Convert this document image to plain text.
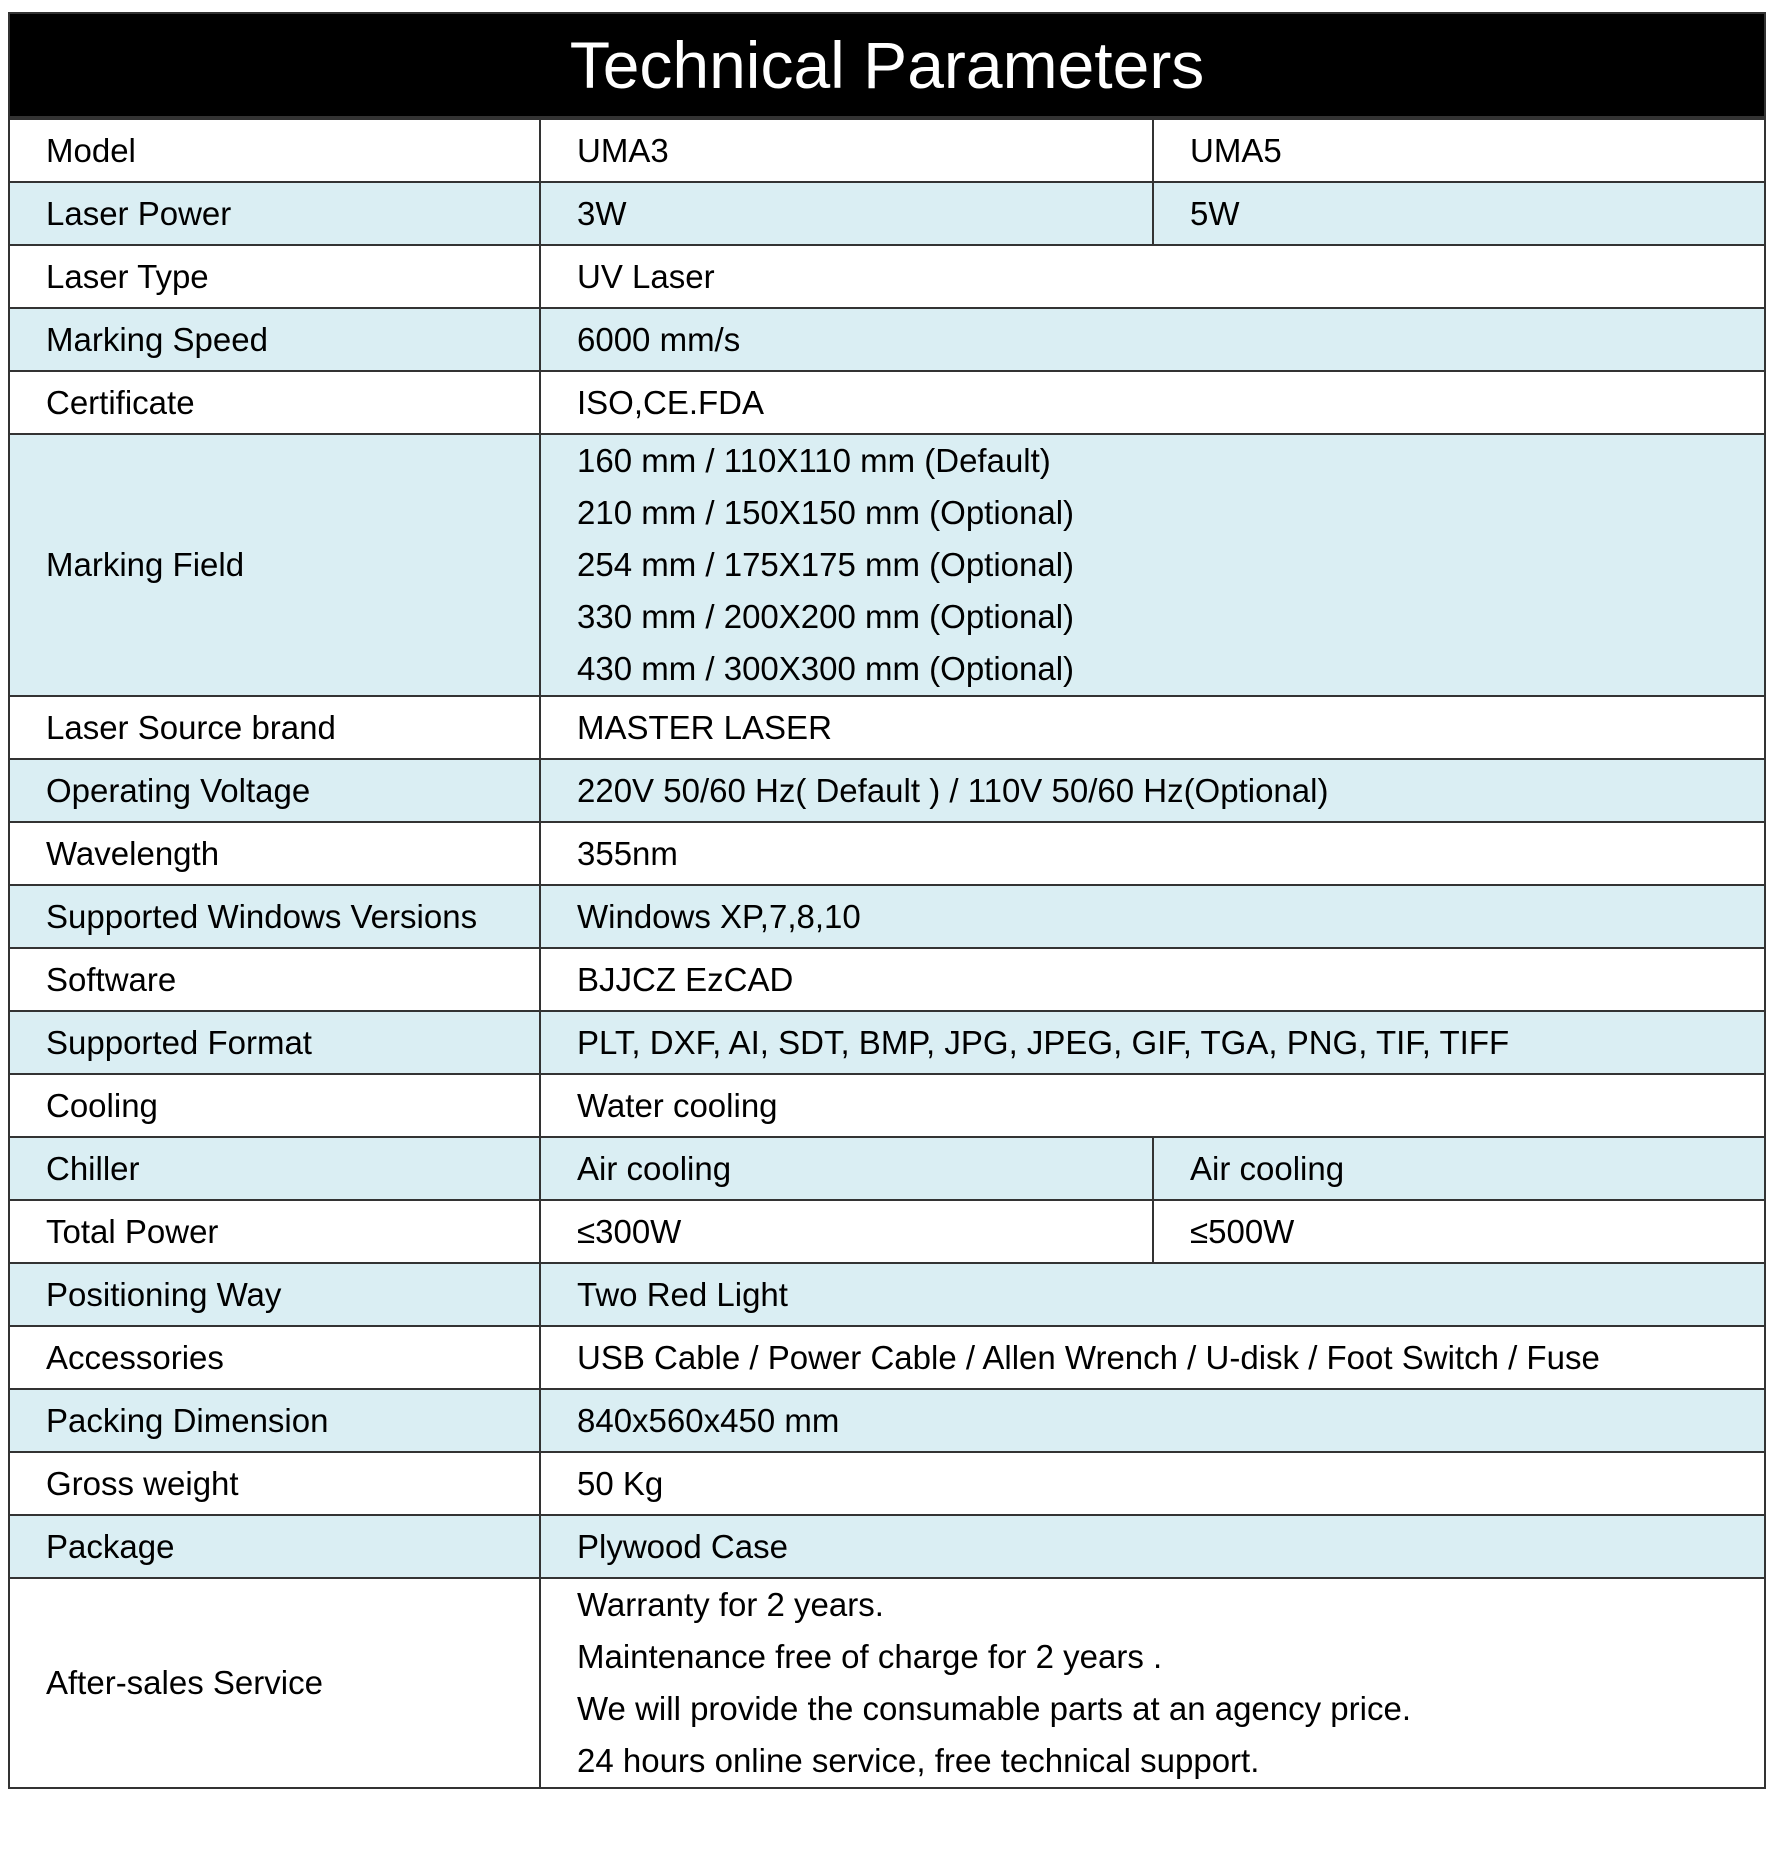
Technical Parameters
Model	UMA3	UMA5
Laser Power	3W	5W
Laser Type	UV Laser	
Marking Speed	6000 mm/s	
Certificate	ISO,CE.FDA	
Marking Field	160 mm / 110X110 mm (Default)
210 mm / 150X150 mm (Optional)
254 mm / 175X175 mm (Optional)
330 mm / 200X200 mm (Optional)
430 mm / 300X300 mm (Optional)	

Laser Source brand	MASTER LASER	
Operating Voltage	220V 50/60 Hz( Default ) / 110V 50/60 Hz(Optional)	
Wavelength	355nm	
Supported Windows Versions	Windows XP,7,8,10	
Software	BJJCZ EzCAD	
Supported Format	PLT, DXF, AI, SDT, BMP, JPG, JPEG, GIF, TGA, PNG, TIF, TIFF	
Cooling	Water cooling	
Chiller	Air cooling	Air cooling
Total Power	≤300W	≤500W
Positioning Way	Two Red Light	
Accessories	USB Cable / Power Cable / Allen Wrench / U-disk / Foot Switch / Fuse	
Packing Dimension	840x560x450 mm	
Gross weight	50 Kg	
Package	Plywood Case	
After-sales Service	Warranty for 2 years.
Maintenance free of charge for 2 years .
We will provide the consumable parts at an agency price.
24 hours online service, free technical support.	
